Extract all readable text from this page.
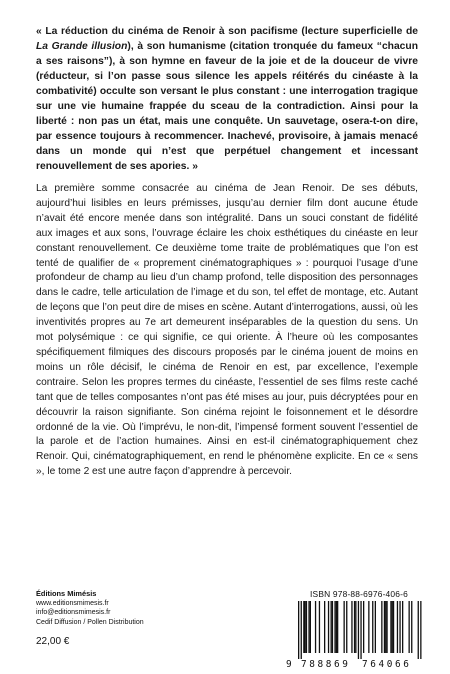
« La réduction du cinéma de Renoir à son pacifisme (lecture superficielle de La Grande illusion), à son humanisme (citation tronquée du fameux “chacun a ses raisons”), à son hymne en faveur de la joie et de la douceur de vivre (réducteur, si l’on passe sous silence les appels réitérés du cinéaste à la combativité) occulte son versant le plus constant : une interrogation tragique sur une vie humaine frappée du sceau de la contradiction. Ainsi pour la liberté : non pas un état, mais une conquête. Un sauvetage, osera-t-on dire, par essence toujours à recommencer. Inachevé, provisoire, à jamais menacé dans un monde qui n’est que perpétuel changement et incessant renouvellement de ses apories. »
La première somme consacrée au cinéma de Jean Renoir. De ses débuts, aujourd’hui lisibles en leurs prémisses, jusqu’au dernier film dont aucune étude n’avait été encore menée dans son intégralité. Dans un souci constant de fidélité aux images et aux sons, l’ouvrage éclaire les choix esthétiques du cinéaste en leur constant renouvellement. Ce deuxième tome traite de problématiques que l’on est tenté de qualifier de « proprement cinématographiques » : pourquoi l’usage d’une profondeur de champ au lieu d’un champ profond, telle disposition des personnages dans le cadre, telle articulation de l’image et du son, tel effet de montage, etc. Autant de leçons que l’on peut dire de mises en scène. Autant d’interrogations, aussi, où les inventivités propres au 7e art demeurent inséparables de la question du sens. Un mot polysémique : ce qui signifie, ce qui oriente. À l’heure où les composantes spécifiquement filmiques des discours proposés par le cinéma jouent de moins en moins un rôle décisif, le cinéma de Renoir en est, par excellence, l’exemple contraire. Selon les propres termes du cinéaste, l’essentiel de ses films reste caché tant que de telles composantes n’ont pas été mises au jour, puis décryptées pour en découvrir la raison signifiante. Son cinéma rejoint le foisonnement et le désordre ordonné de la vie. Où l’imprévu, le non-dit, l’impensé forment souvent l’essentiel de la parole et de l’action humaines. Ainsi en est-il cinématographiquement chez Renoir. Qui, cinématographiquement, en rend le phénomène explicite. En ce « sens », le tome 2 est une autre façon d’apprendre à percevoir.
Éditions Mimésis
www.editionsmimesis.fr
info@editionsmimesis.fr
Cedif Diffusion / Pollen Distribution
22,00 €
ISBN 978-88-6976-406-6
9 788869 764066
